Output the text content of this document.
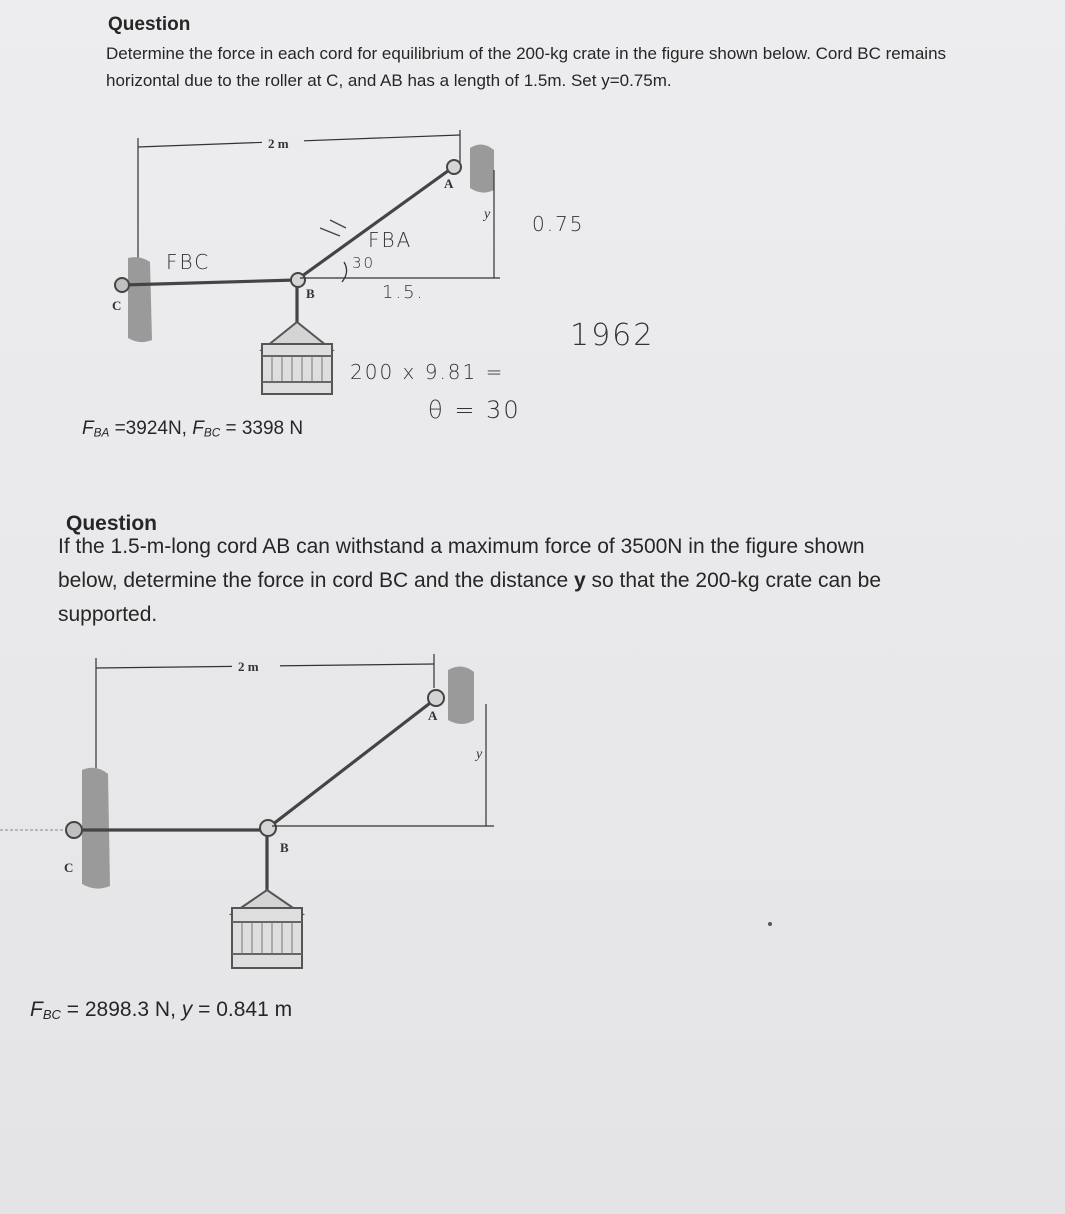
Question
Determine the force in each cord for equilibrium of the 200-kg crate in the figure shown below. Cord BC remains horizontal due to the roller at C, and AB has a length of 1.5m. Set y=0.75m.
2 m
y
C
B
A
FBC
FBA
30
1.5.
0.75
200 x 9.81 =
1962
θ = 30
$F_{BA} =3924N$, $F_{BC} = 3398$ N
Question
If the 1.5-m-long cord AB can withstand a maximum force of 3500N in the figure shown
below, determine the force in cord BC and the distance y so that the 200-kg crate can be
supported.
2 m
y
C
B
A
$F_{BC} = 2898.3$ N, y = 0.841 m
